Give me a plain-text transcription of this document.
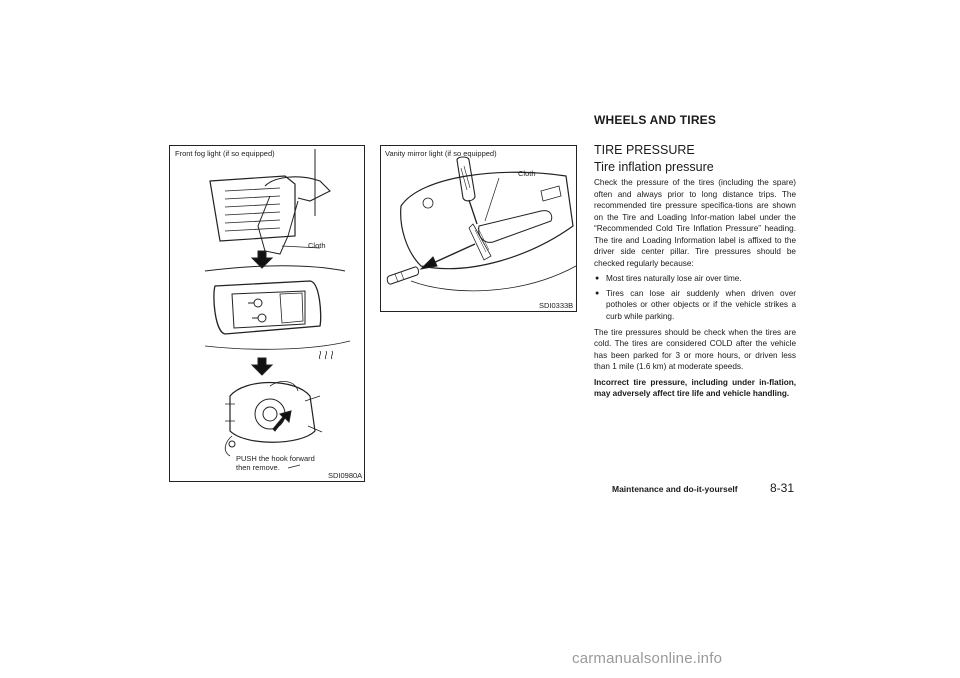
WHEELS AND TIRES
Front fog light (if so equipped)
Cloth
PUSH the hook forward
then remove.
SDI0980A
Vanity mirror light (if so equipped)
Cloth
SDI0333B
TIRE PRESSURE
Tire inflation pressure

Check the pressure of the tires (including the spare) often and always prior to long distance trips. The recommended tire pressure specifica-tions are shown on the Tire and Loading Infor-mation label under the “Recommended Cold Tire Inflation Pressure” heading. The tire and Loading Information label is affixed to the driver side center pillar. Tire pressures should be checked regularly because:

● Most tires naturally lose air over time.
● Tires can lose air suddenly when driven over potholes or other objects or if the vehicle strikes a curb while parking.

The tire pressures should be check when the tires are cold. The tires are considered COLD after the vehicle has been parked for 3 or more hours, or driven less than 1 mile (1.6 km) at moderate speeds.

Incorrect tire pressure, including under in-flation, may adversely affect tire life and vehicle handling.

Maintenance and do-it-yourself	8-31
carmanualsonline.info
